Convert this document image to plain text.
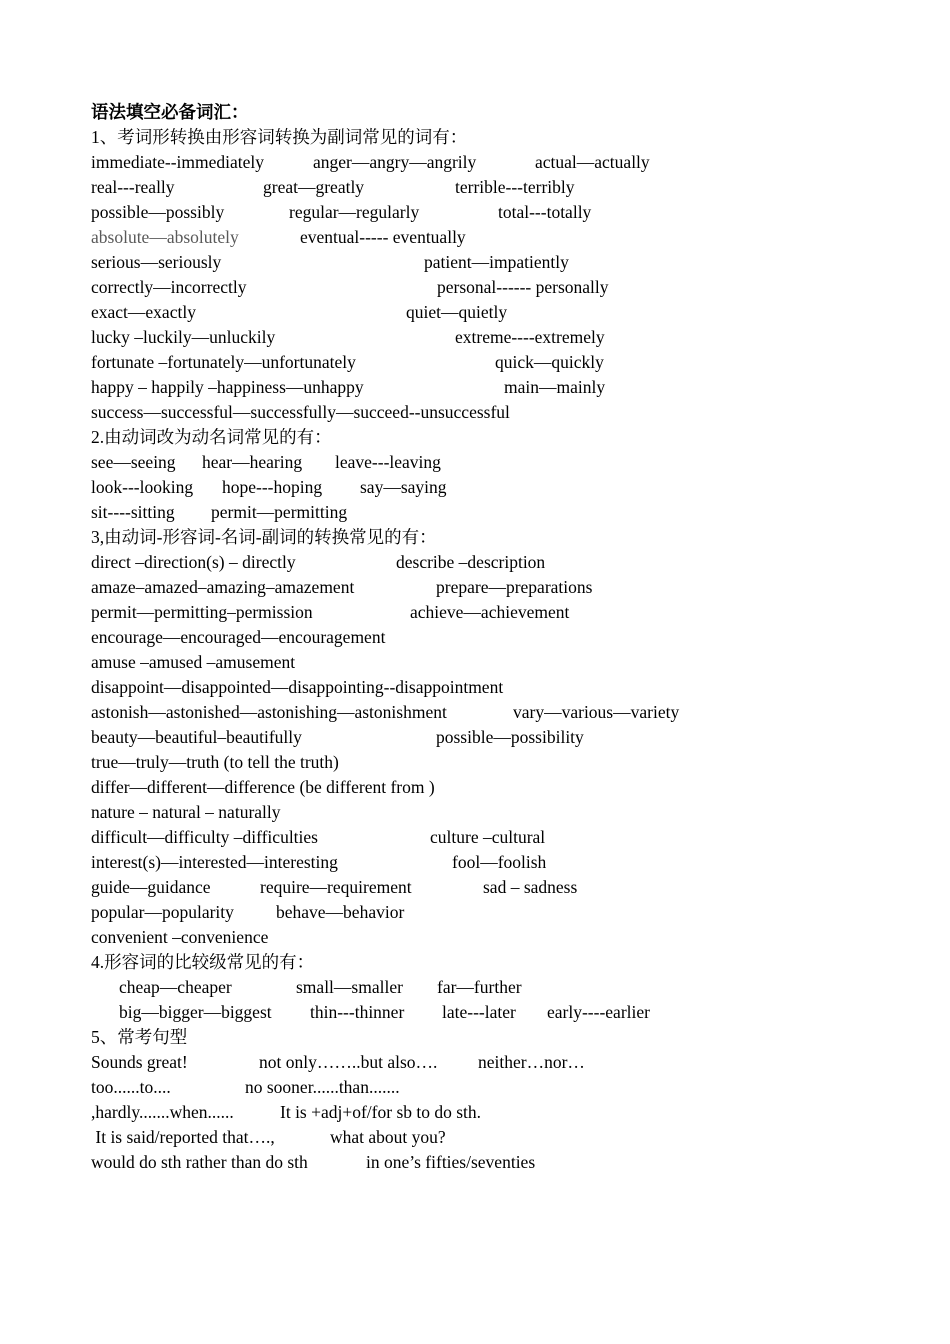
语法填空必备词汇：
1、考词形转换由形容词转换为副词常见的词有：

immediate--immediately

	anger—angry—angrily

	actual—actually

real---really

	great—greatly

	terrible---terribly

possible—possibly

	regular—regularly

	total---totally

absolute—absolutely

	eventual----- eventually

serious—seriously

	patient—impatiently

correctly—incorrectly

	personal------ personally

exact—exactly

	quiet—quietly

lucky –luckily—unluckily

	extreme----extremely

fortunate –fortunately—unfortunately

	quick—quickly

happy – happily –happiness—unhappy

	main—mainly

success—successful—successfully—succeed--unsuccessful

2.由动词改为动名词常见的有：

see—seeing

hear—hearing

leave---leaving

look---looking

hope---hoping

say—saying

sit----sitting

permit—permitting

3,由动词-形容词-名词-副词的转换常见的有：

direct –direction(s) – directly

	describe –description

amaze–amazed–amazing–amazement

	prepare—preparations

permit—permitting–permission

	achieve—achievement

encourage—encouraged—encouragement

amuse –amused –amusement

disappoint—disappointed—disappointing--disappointment

astonish—astonished—astonishing—astonishment

	vary—various—variety

beauty—beautiful–beautifully

	possible—possibility

true—truly—truth (to tell the truth)

differ—different—difference (be different from )

nature – natural – naturally

difficult—difficulty –difficulties

	culture –cultural

interest(s)—interested—interesting

	fool—foolish

guide—guidance

	require—requirement

	sad – sadness

popular—popularity

behave—behavior

convenient –convenience

4.形容词的比较级常见的有：

cheap—cheaper

	small—smaller

far—further

big—bigger—biggest

thin---thinner

late---later

early----earlier

5、常考句型

Sounds great!

	not only……..but also….

neither…nor…

too......to....

	no sooner......than.......

,hardly.......when......

	It is +adj+of/for sb to do sth.

It is said/reported that….,

	what about you?

would do sth rather than do sth

	in one’s fifties/seventies
